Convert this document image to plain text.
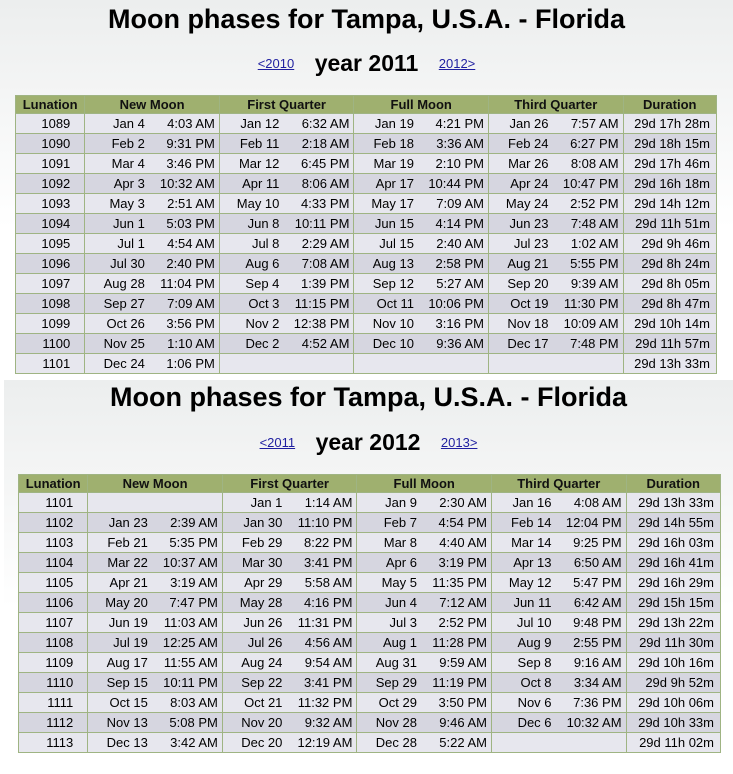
Moon phases for Tampa, U.S.A. - Florida
<2010 year 2011 2012>
Lunation	New Moon	First Quarter	Full Moon	Third Quarter	Duration
1089	Jan 4 4:03 AM	Jan 12 6:32 AM	Jan 19 4:21 PM	Jan 26 7:57 AM	29d 17h 28m
1090	Feb 2 9:31 PM	Feb 11 2:18 AM	Feb 18 3:36 AM	Feb 24 6:27 PM	29d 18h 15m
1091	Mar 4 3:46 PM	Mar 12 6:45 PM	Mar 19 2:10 PM	Mar 26 8:08 AM	29d 17h 46m
1092	Apr 3 10:32 AM	Apr 11 8:06 AM	Apr 17 10:44 PM	Apr 24 10:47 PM	29d 16h 18m
1093	May 3 2:51 AM	May 10 4:33 PM	May 17 7:09 AM	May 24 2:52 PM	29d 14h 12m
1094	Jun 1 5:03 PM	Jun 8 10:11 PM	Jun 15 4:14 PM	Jun 23 7:48 AM	29d 11h 51m
1095	Jul 1 4:54 AM	Jul 8 2:29 AM	Jul 15 2:40 AM	Jul 23 1:02 AM	29d 9h 46m
1096	Jul 30 2:40 PM	Aug 6 7:08 AM	Aug 13 2:58 PM	Aug 21 5:55 PM	29d 8h 24m
1097	Aug 28 11:04 PM	Sep 4 1:39 PM	Sep 12 5:27 AM	Sep 20 9:39 AM	29d 8h 05m
1098	Sep 27 7:09 AM	Oct 3 11:15 PM	Oct 11 10:06 PM	Oct 19 11:30 PM	29d 8h 47m
1099	Oct 26 3:56 PM	Nov 2 12:38 PM	Nov 10 3:16 PM	Nov 18 10:09 AM	29d 10h 14m
1100	Nov 25 1:10 AM	Dec 2 4:52 AM	Dec 10 9:36 AM	Dec 17 7:48 PM	29d 11h 57m
1101	Dec 24 1:06 PM				29d 13h 33m
Moon phases for Tampa, U.S.A. - Florida
<2011 year 2012 2013>
Lunation	New Moon	First Quarter	Full Moon	Third Quarter	Duration
1101		Jan 1 1:14 AM	Jan 9 2:30 AM	Jan 16 4:08 AM	29d 13h 33m
1102	Jan 23 2:39 AM	Jan 30 11:10 PM	Feb 7 4:54 PM	Feb 14 12:04 PM	29d 14h 55m
1103	Feb 21 5:35 PM	Feb 29 8:22 PM	Mar 8 4:40 AM	Mar 14 9:25 PM	29d 16h 03m
1104	Mar 22 10:37 AM	Mar 30 3:41 PM	Apr 6 3:19 PM	Apr 13 6:50 AM	29d 16h 41m
1105	Apr 21 3:19 AM	Apr 29 5:58 AM	May 5 11:35 PM	May 12 5:47 PM	29d 16h 29m
1106	May 20 7:47 PM	May 28 4:16 PM	Jun 4 7:12 AM	Jun 11 6:42 AM	29d 15h 15m
1107	Jun 19 11:03 AM	Jun 26 11:31 PM	Jul 3 2:52 PM	Jul 10 9:48 PM	29d 13h 22m
1108	Jul 19 12:25 AM	Jul 26 4:56 AM	Aug 1 11:28 PM	Aug 9 2:55 PM	29d 11h 30m
1109	Aug 17 11:55 AM	Aug 24 9:54 AM	Aug 31 9:59 AM	Sep 8 9:16 AM	29d 10h 16m
1110	Sep 15 10:11 PM	Sep 22 3:41 PM	Sep 29 11:19 PM	Oct 8 3:34 AM	29d 9h 52m
1111	Oct 15 8:03 AM	Oct 21 11:32 PM	Oct 29 3:50 PM	Nov 6 7:36 PM	29d 10h 06m
1112	Nov 13 5:08 PM	Nov 20 9:32 AM	Nov 28 9:46 AM	Dec 6 10:32 AM	29d 10h 33m
1113	Dec 13 3:42 AM	Dec 20 12:19 AM	Dec 28 5:22 AM		29d 11h 02m
